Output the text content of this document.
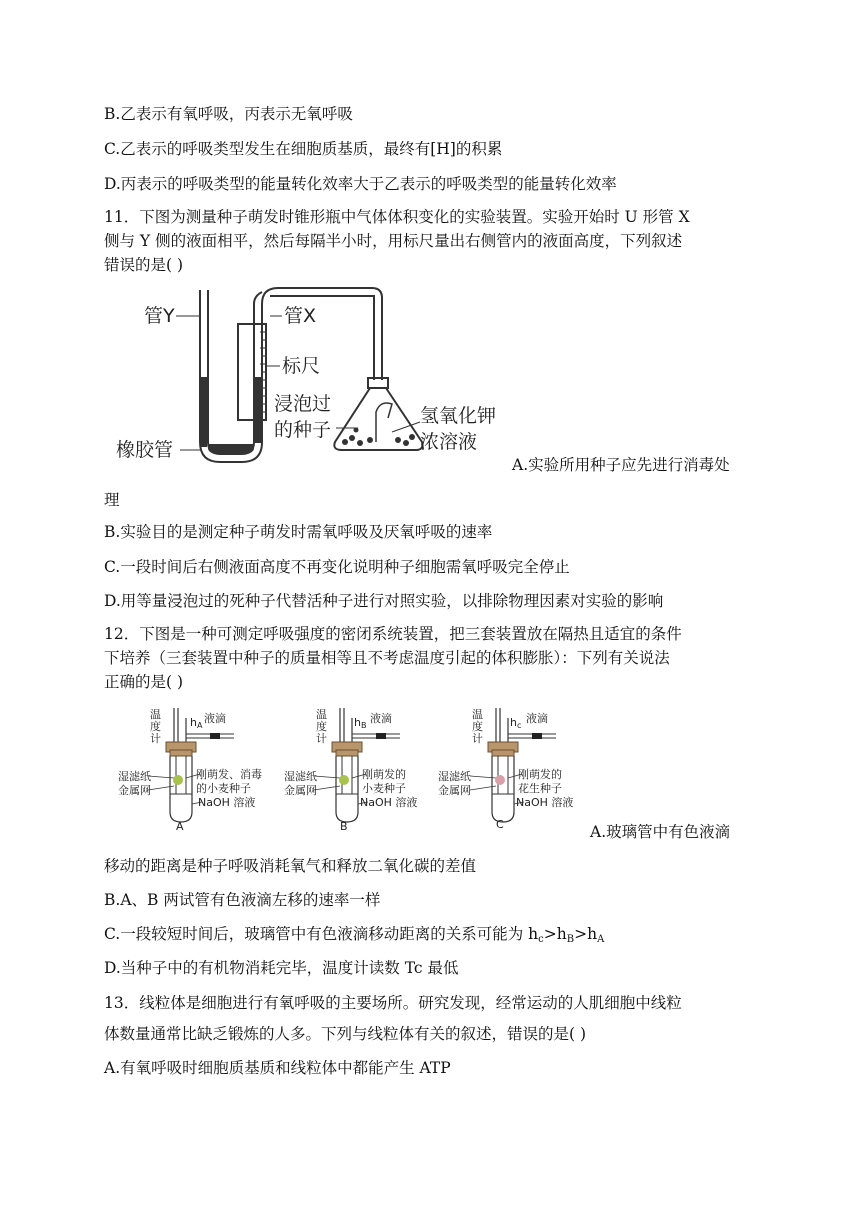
B.乙表示有氧呼吸，丙表示无氧呼吸
C.乙表示的呼吸类型发生在细胞质基质，最终有[H]的积累
D.丙表示的呼吸类型的能量转化效率大于乙表示的呼吸类型的能量转化效率
11．下图为测量种子萌发时锥形瓶中气体体积变化的实验装置。实验开始时 U 形管 X
侧与 Y 侧的液面相平，然后每隔半小时，用标尺量出右侧管内的液面高度，下列叙述
错误的是( )
管Y	管X
标尺
浸泡过
的种子
氢氧化钾
浓溶液
橡胶管
A.实验所用种子应先进行消毒处
理
B.实验目的是测定种子萌发时需氧呼吸及厌氧呼吸的速率
C.一段时间后右侧液面高度不再变化说明种子细胞需氧呼吸完全停止
D.用等量浸泡过的死种子代替活种子进行对照实验，以排除物理因素对实验的影响
12．下图是一种可测定呼吸强度的密闭系统装置，把三套装置放在隔热且适宜的条件
下培养（三套装置中种子的质量相等且不考虑温度引起的体积膨胀）：下列有关说法
正确的是( )
温
度
计
hA
液滴
湿滤纸
金属网
刚萌发、消毒
的小麦种子
NaOH 溶液
A
温
度
计
hB
液滴
湿滤纸
金属网
刚萌发的
小麦种子
NaOH 溶液
B
温
度
计
hc
液滴
湿滤纸
金属网
刚萌发的
花生种子
NaOH 溶液
C	A.玻璃管中有色液滴
移动的距离是种子呼吸消耗氧气和释放二氧化碳的差值
B.A、B 两试管有色液滴左移的速率一样
C.一段较短时间后，玻璃管中有色液滴移动距离的关系可能为 $h_c>h_B>h_A$
D.当种子中的有机物消耗完毕，温度计读数 Tc 最低
13．线粒体是细胞进行有氧呼吸的主要场所。研究发现，经常运动的人肌细胞中线粒
体数量通常比缺乏锻炼的人多。下列与线粒体有关的叙述，错误的是( )
A.有氧呼吸时细胞质基质和线粒体中都能产生 ATP
